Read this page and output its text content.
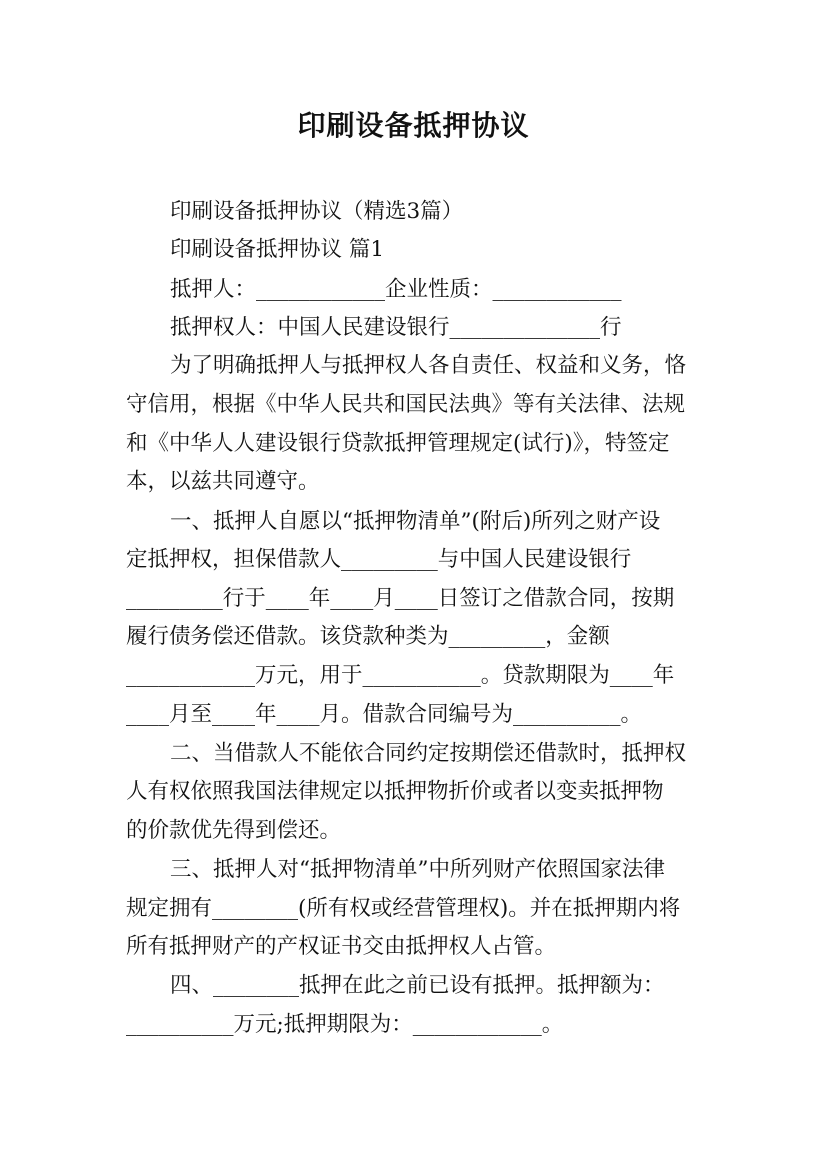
印刷设备抵押协议
印刷设备抵押协议（精选3篇）
印刷设备抵押协议 篇1
抵押人：____________企业性质：____________
抵押权人：中国人民建设银行______________行
为了明确抵押人与抵押权人各自责任、权益和义务，恪
守信用，根据《中华人民共和国民法典》等有关法律、法规
和《中华人人建设银行贷款抵押管理规定(试行)》，特签定
本，以兹共同遵守。
一、抵押人自愿以“抵押物清单”(附后)所列之财产设
定抵押权，担保借款人_________与中国人民建设银行
_________行于____年____月____日签订之借款合同，按期
履行债务偿还借款。该贷款种类为_________，金额
____________万元，用于___________。贷款期限为____年
____月至____年____月。借款合同编号为__________。
二、当借款人不能依合同约定按期偿还借款时，抵押权
人有权依照我国法律规定以抵押物折价或者以变卖抵押物
的价款优先得到偿还。
三、抵押人对“抵押物清单”中所列财产依照国家法律
规定拥有________(所有权或经营管理权)。并在抵押期内将
所有抵押财产的产权证书交由抵押权人占管。
四、________抵押在此之前已设有抵押。抵押额为：
__________万元;抵押期限为：____________。
